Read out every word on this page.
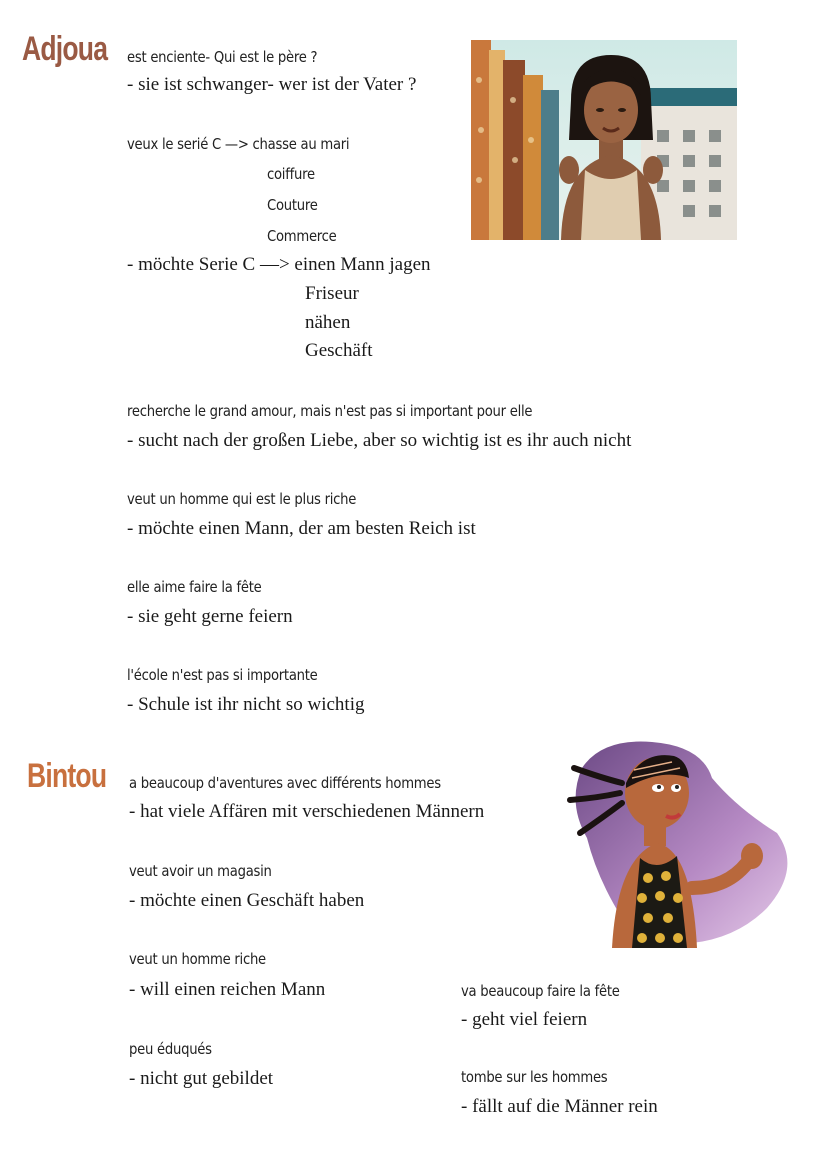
Adjoua est enciente- Qui est le père ?
- sie ist schwanger- wer ist der Vater ?
veux le serié C —> chasse au mari
coiffure
Couture
Commerce
- möchte Serie C —> einen Mann jagen
Friseur
nähen
Geschäft
recherche le grand amour, mais n'est pas si important pour elle
- sucht nach der großen Liebe, aber so wichtig ist es ihr auch nicht
veut un homme qui est le plus riche
- möchte einen Mann, der am besten Reich ist
elle aime faire la fête
- sie geht gerne feiern
l'école n'est pas si importante
- Schule ist ihr nicht so wichtig
Bintou a beaucoup d'aventures avec différents hommes
- hat viele Affären mit verschiedenen Männern
veut avoir un magasin
- möchte einen Geschäft haben
veut un homme riche
- will einen reichen Mann
peu éduqués
- nicht gut gebildet
va beaucoup faire la fête
- geht viel feiern
tombe sur les hommes
- fällt auf die Männer rein
